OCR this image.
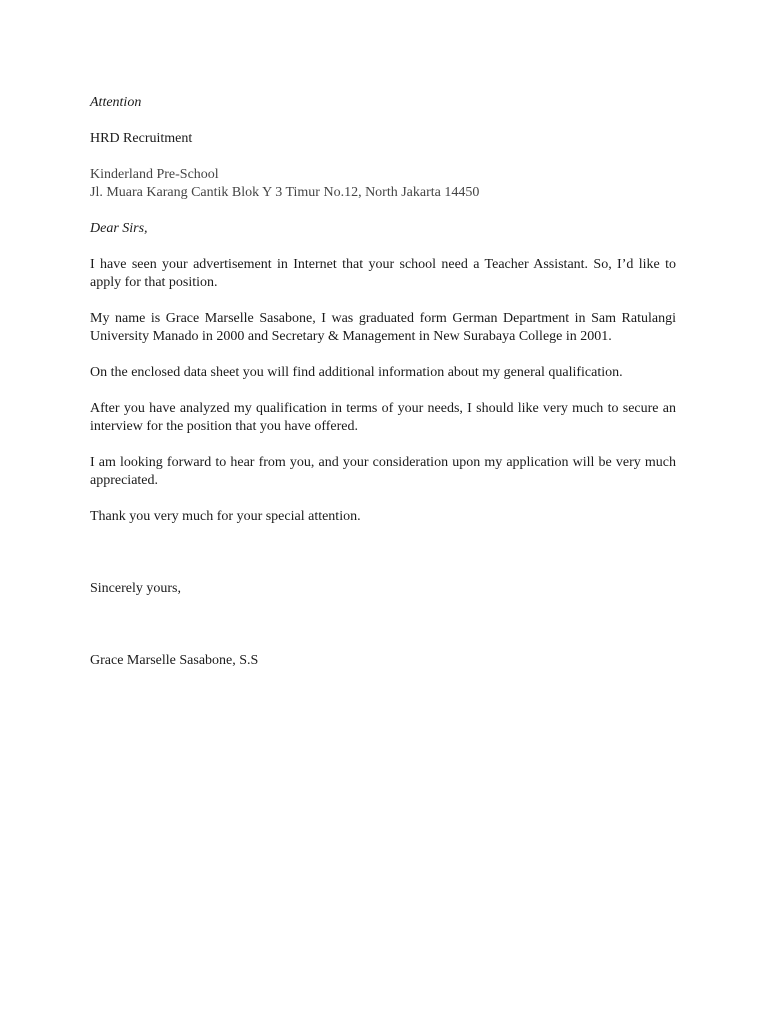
Attention
HRD Recruitment
Kinderland Pre-School
Jl. Muara Karang Cantik Blok Y 3 Timur No.12, North Jakarta 14450
Dear Sirs,

I have seen your advertisement in Internet that your school need a Teacher Assistant. So, I’d like to apply for that position.

My name is Grace Marselle Sasabone, I was graduated form German Department in Sam Ratulangi University Manado in 2000 and Secretary & Management in New Surabaya College in 2001.

On the enclosed data sheet you will find additional information about my general qualification.

After you have analyzed my qualification in terms of your needs, I should like very much to secure an interview for the position that you have offered.

I am looking forward to hear from you, and your consideration upon my application will be very much appreciated.

Thank you very much for your special attention.

Sincerely yours,
Grace Marselle Sasabone, S.S
